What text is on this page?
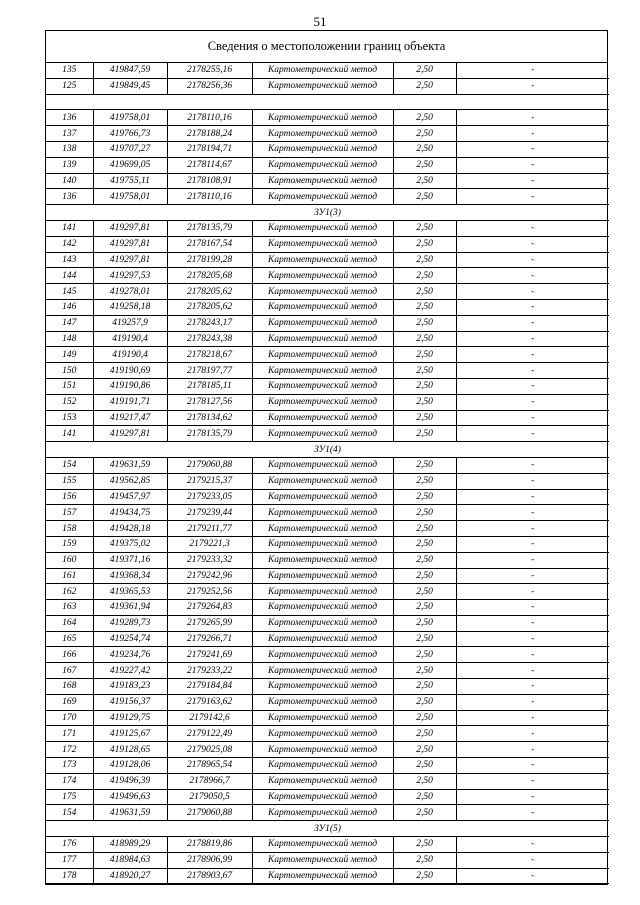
51
Сведения о местоположении границ объекта
135	419847,59	2178255,16	Картометрический метод	2,50	-
125	419849,45	2178256,36	Картометрический метод	2,50	-

136	419758,01	2178110,16	Картометрический метод	2,50	-
137	419766,73	2178188,24	Картометрический метод	2,50	-
138	419707,27	2178194,71	Картометрический метод	2,50	-
139	419699,05	2178114,67	Картометрический метод	2,50	-
140	419755,11	2178108,91	Картометрический метод	2,50	-
136	419758,01	2178110,16	Картометрический метод	2,50	-
ЗУ1(3)					
141	419297,81	2178135,79	Картометрический метод	2,50	-
142	419297,81	2178167,54	Картометрический метод	2,50	-
143	419297,81	2178199,28	Картометрический метод	2,50	-
144	419297,53	2178205,68	Картометрический метод	2,50	-
145	419278,01	2178205,62	Картометрический метод	2,50	-
146	419258,18	2178205,62	Картометрический метод	2,50	-
147	419257,9	2178243,17	Картометрический метод	2,50	-
148	419190,4	2178243,38	Картометрический метод	2,50	-
149	419190,4	2178218,67	Картометрический метод	2,50	-
150	419190,69	2178197,77	Картометрический метод	2,50	-
151	419190,86	2178185,11	Картометрический метод	2,50	-
152	419191,71	2178127,56	Картометрический метод	2,50	-
153	419217,47	2178134,62	Картометрический метод	2,50	-
141	419297,81	2178135,79	Картометрический метод	2,50	-
ЗУ1(4)					
154	419631,59	2179060,88	Картометрический метод	2,50	-
155	419562,85	2179215,37	Картометрический метод	2,50	-
156	419457,97	2179233,05	Картометрический метод	2,50	-
157	419434,75	2179239,44	Картометрический метод	2,50	-
158	419428,18	2179211,77	Картометрический метод	2,50	-
159	419375,02	2179221,3	Картометрический метод	2,50	-
160	419371,16	2179233,32	Картометрический метод	2,50	-
161	419368,34	2179242,96	Картометрический метод	2,50	-
162	419365,53	2179252,56	Картометрический метод	2,50	-
163	419361,94	2179264,83	Картометрический метод	2,50	-
164	419289,73	2179265,99	Картометрический метод	2,50	-
165	419254,74	2179266,71	Картометрический метод	2,50	-
166	419234,76	2179241,69	Картометрический метод	2,50	-
167	419227,42	2179233,22	Картометрический метод	2,50	-
168	419183,23	2179184,84	Картометрический метод	2,50	-
169	419156,37	2179163,62	Картометрический метод	2,50	-
170	419129,75	2179142,6	Картометрический метод	2,50	-
171	419125,67	2179122,49	Картометрический метод	2,50	-
172	419128,65	2179025,08	Картометрический метод	2,50	-
173	419128,06	2178965,54	Картометрический метод	2,50	-
174	419496,39	2178966,7	Картометрический метод	2,50	-
175	419496,63	2179050,5	Картометрический метод	2,50	-
154	419631,59	2179060,88	Картометрический метод	2,50	-
ЗУ1(5)					
176	418989,29	2178819,86	Картометрический метод	2,50	-
177	418984,63	2178906,99	Картометрический метод	2,50	-
178	418920,27	2178903,67	Картометрический метод	2,50	-
